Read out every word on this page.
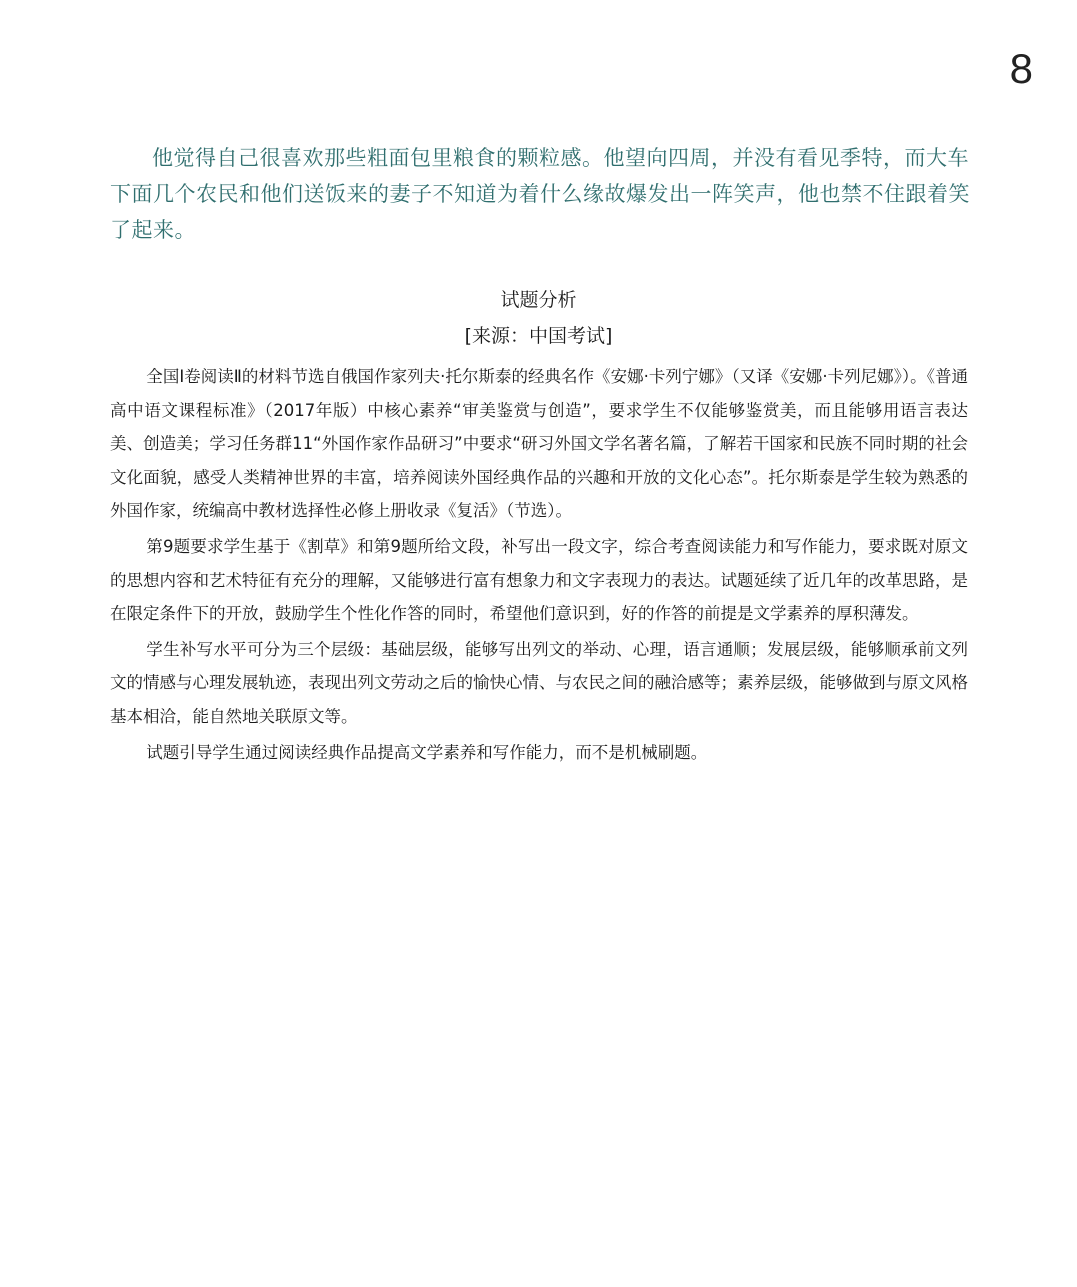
8

他觉得自己很喜欢那些粗面包里粮食的颗粒感。他望向四周，并没有看见季特，而大车下面几个农民和他们送饭来的妻子不知道为着什么缘故爆发出一阵笑声，他也禁不住跟着笑了起来。

试题分析
[来源：中国考试]

全国Ⅰ卷阅读Ⅱ的材料节选自俄国作家列夫·托尔斯泰的经典名作《安娜·卡列宁娜》（又译《安娜·卡列尼娜》）。《普通高中语文课程标准》（2017年版）中核心素养“审美鉴赏与创造”，要求学生不仅能够鉴赏美，而且能够用语言表达美、创造美；学习任务群11“外国作家作品研习”中要求“研习外国文学名著名篇，了解若干国家和民族不同时期的社会文化面貌，感受人类精神世界的丰富，培养阅读外国经典作品的兴趣和开放的文化心态”。托尔斯泰是学生较为熟悉的外国作家，统编高中教材选择性必修上册收录《复活》（节选）。

第9题要求学生基于《割草》和第9题所给文段，补写出一段文字，综合考查阅读能力和写作能力，要求既对原文的思想内容和艺术特征有充分的理解，又能够进行富有想象力和文字表现力的表达。试题延续了近几年的改革思路，是在限定条件下的开放，鼓励学生个性化作答的同时，希望他们意识到，好的作答的前提是文学素养的厚积薄发。

学生补写水平可分为三个层级：基础层级，能够写出列文的举动、心理，语言通顺；发展层级，能够顺承前文列文的情感与心理发展轨迹，表现出列文劳动之后的愉快心情、与农民之间的融洽感等；素养层级，能够做到与原文风格基本相洽，能自然地关联原文等。

试题引导学生通过阅读经典作品提高文学素养和写作能力，而不是机械刷题。
